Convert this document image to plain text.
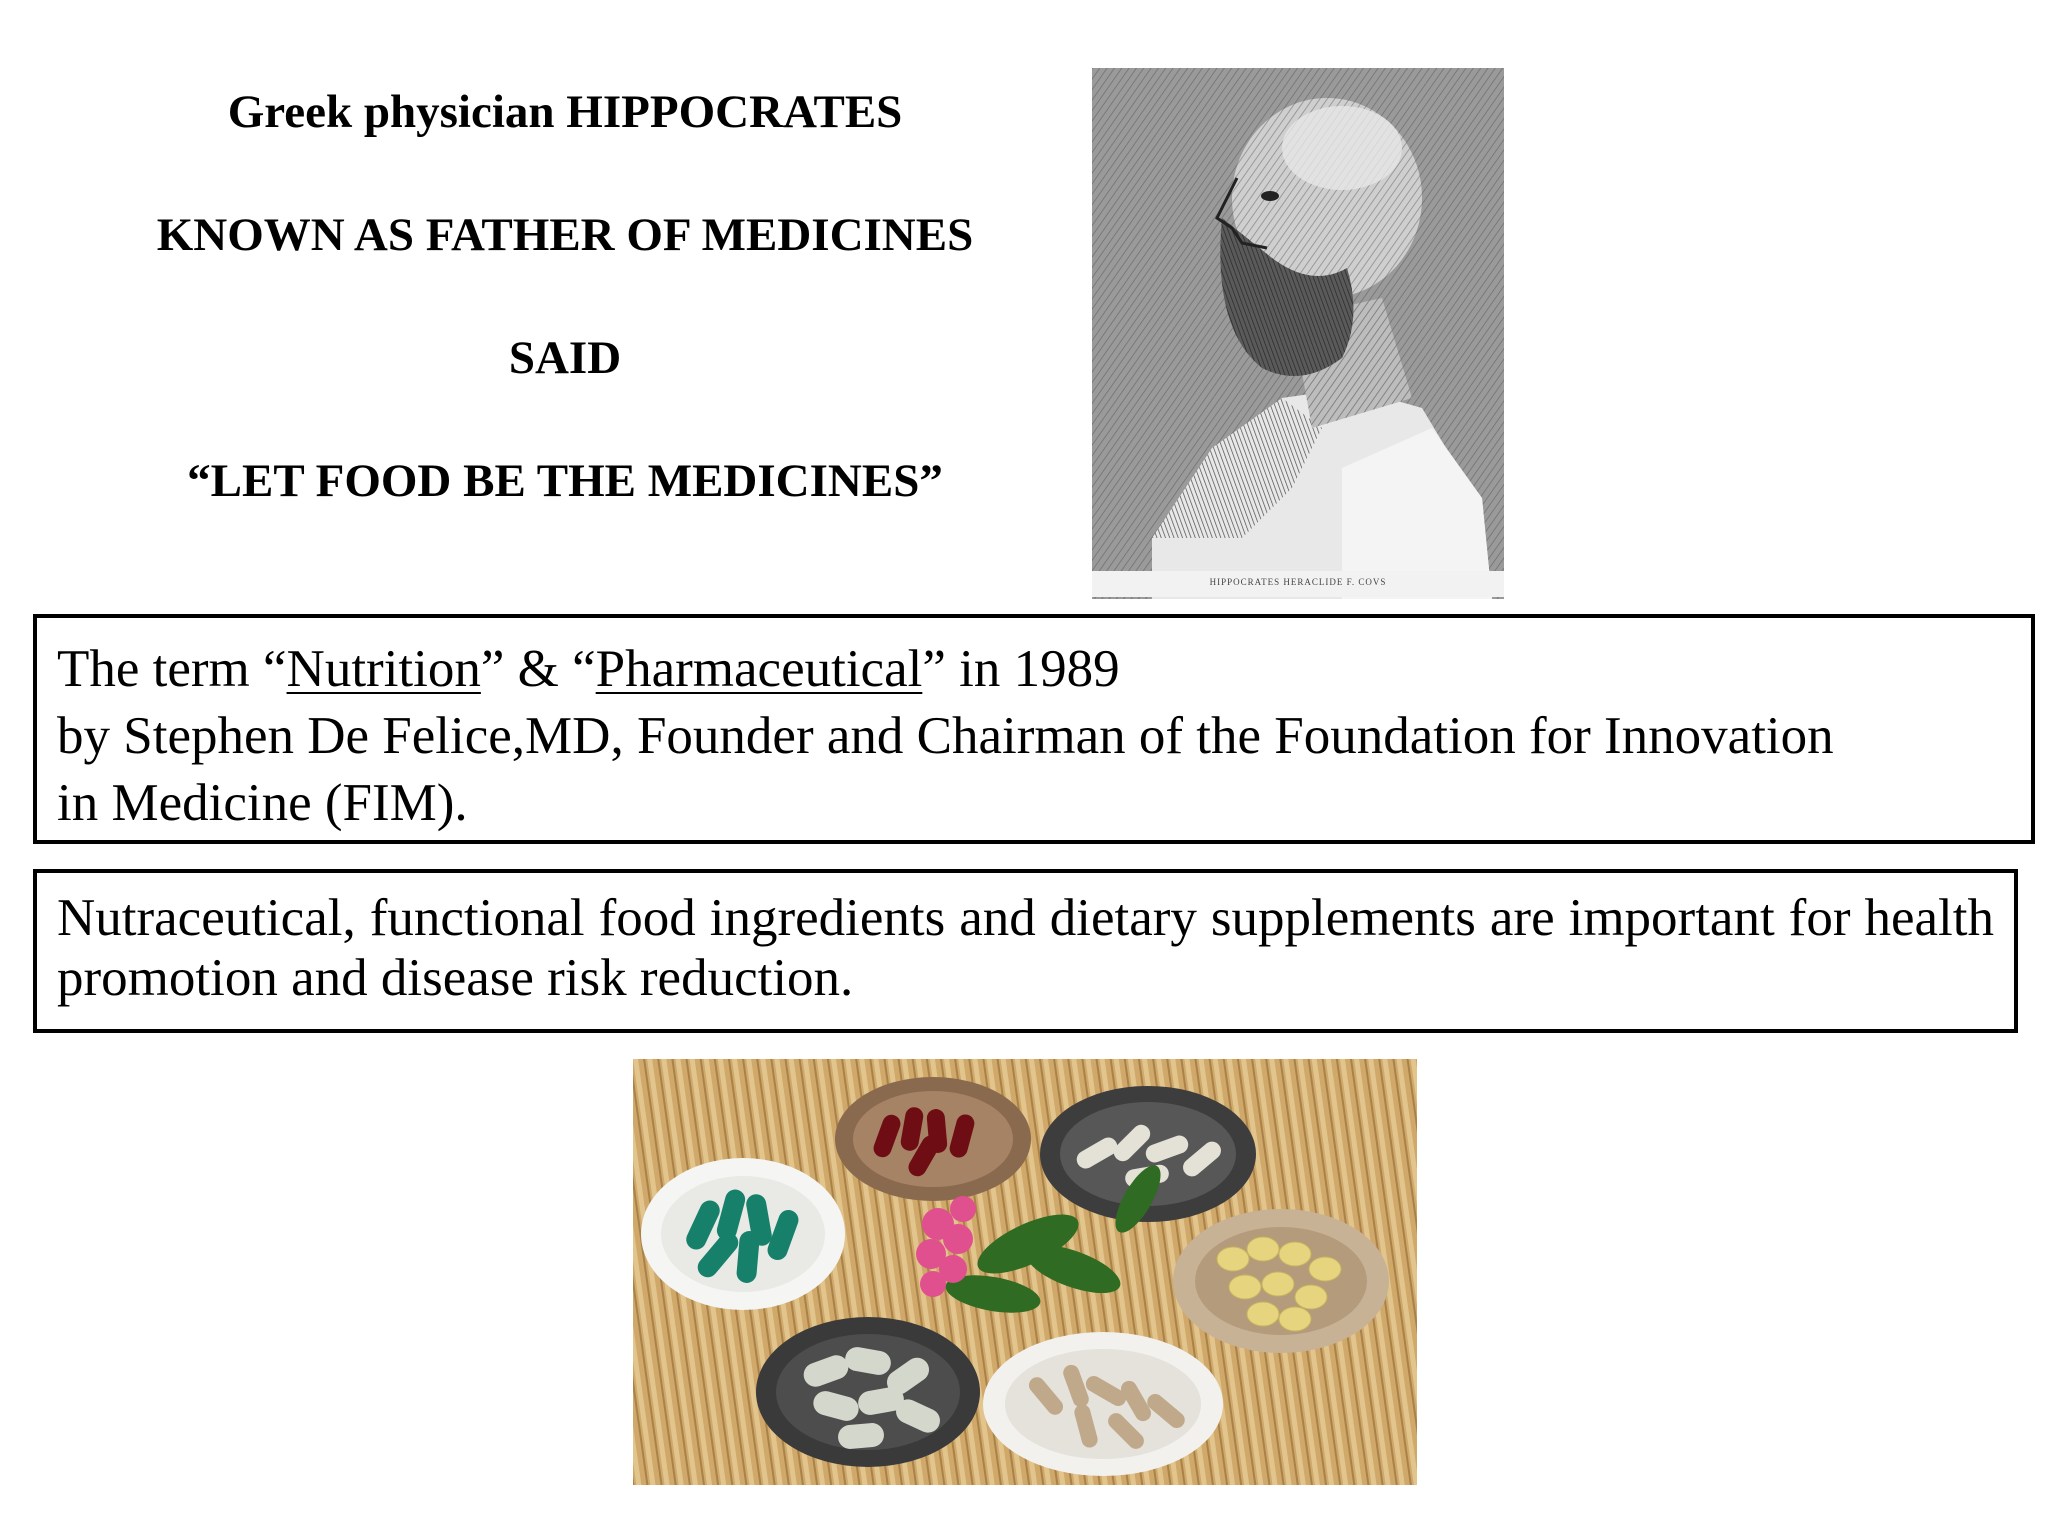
Greek physician HIPPOCRATES
KNOWN AS FATHER OF MEDICINES
SAID
“LET FOOD BE THE MEDICINES”
HIPPOCRATES HERACLIDE F. COVS
The term “Nutrition” & “Pharmaceutical” in 1989
by Stephen De Felice,MD, Founder and Chairman of the Foundation for Innovation
in Medicine (FIM).
Nutraceutical, functional food ingredients and dietary supplements are important for health promotion and disease risk reduction.
